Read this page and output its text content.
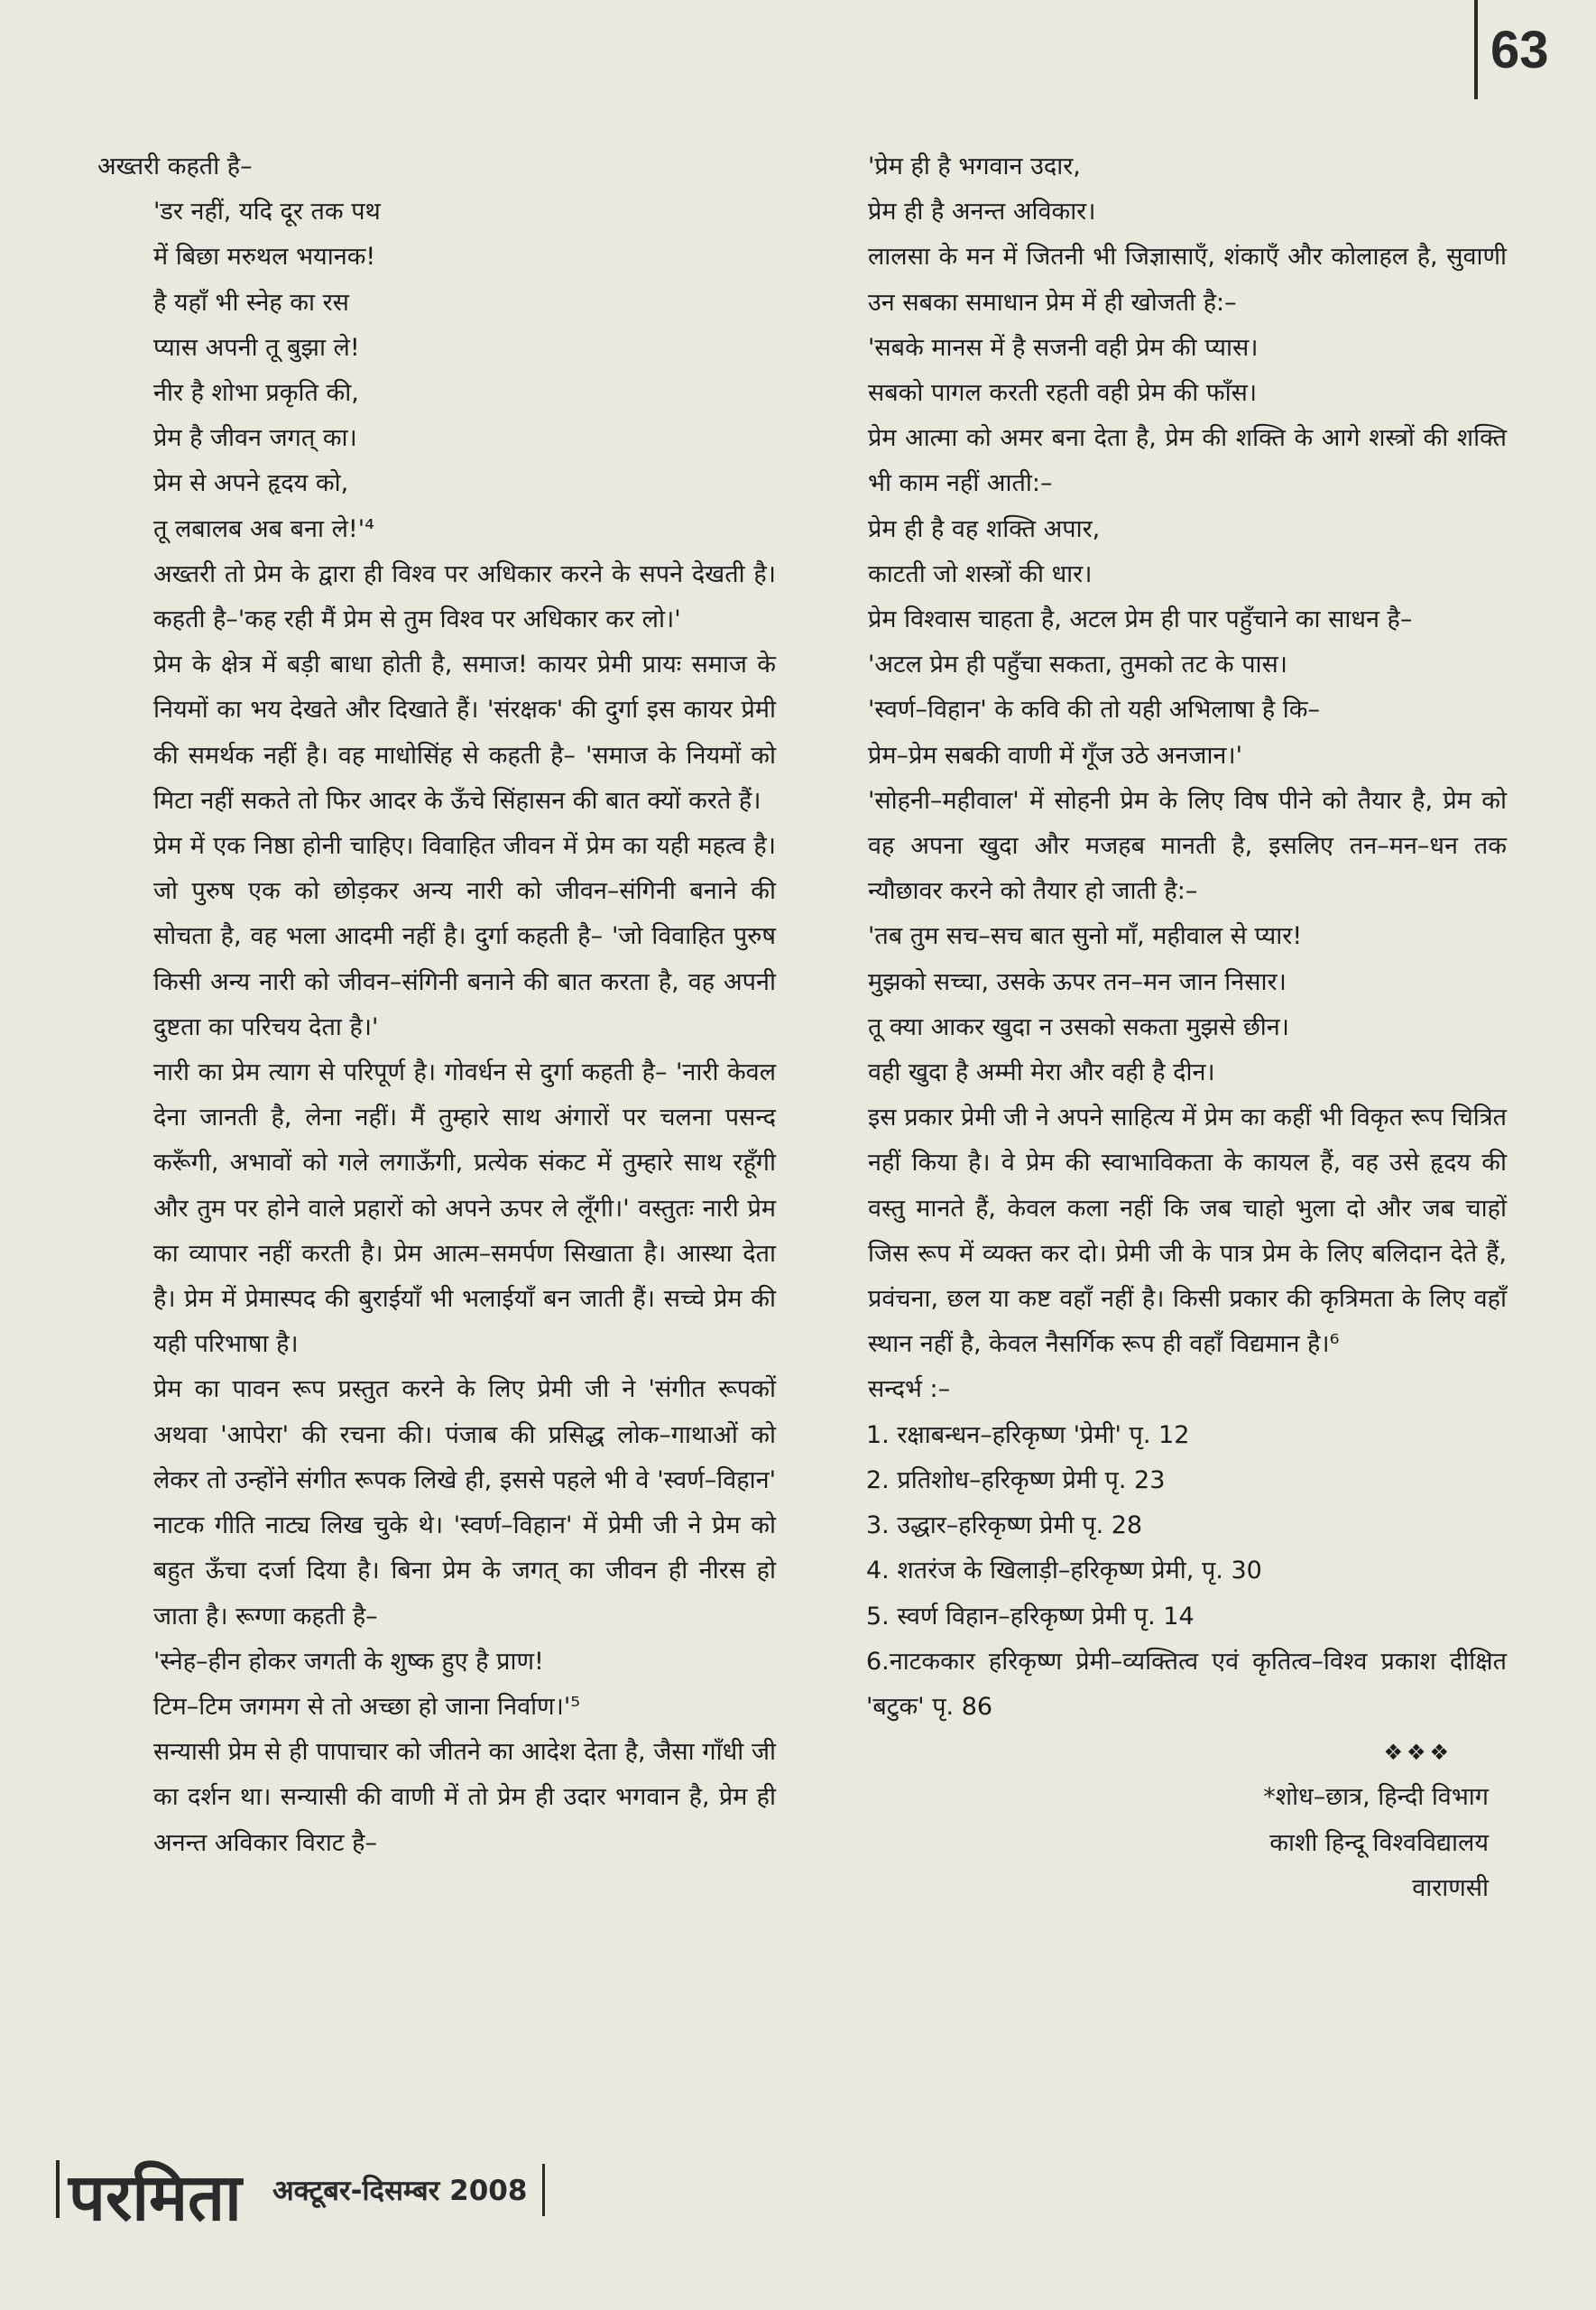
63

अख्तरी कहती है–

'डर नहीं, यदि दूर तक पथ

में बिछा मरुथल भयानक!

है यहाँ भी स्नेह का रस

प्यास अपनी तू बुझा ले!

नीर है शोभा प्रकृति की,

प्रेम है जीवन जगत् का।

प्रेम से अपने हृदय को,

तू लबालब अब बना ले!'⁴

अख्तरी तो प्रेम के द्वारा ही विश्व पर अधिकार करने के सपने देखती है। कहती है–'कह रही मैं प्रेम से तुम विश्व पर अधिकार कर लो।'

प्रेम के क्षेत्र में बड़ी बाधा होती है, समाज! कायर प्रेमी प्रायः समाज के नियमों का भय देखते और दिखाते हैं। 'संरक्षक' की दुर्गा इस कायर प्रेमी की समर्थक नहीं है। वह माधोसिंह से कहती है– 'समाज के नियमों को मिटा नहीं सकते तो फिर आदर के ऊँचे सिंहासन की बात क्यों करते हैं।

प्रेम में एक निष्ठा होनी चाहिए। विवाहित जीवन में प्रेम का यही महत्व है। जो पुरुष एक को छोड़कर अन्य नारी को जीवन–संगिनी बनाने की सोचता है, वह भला आदमी नहीं है। दुर्गा कहती है– 'जो विवाहित पुरुष किसी अन्य नारी को जीवन–संगिनी बनाने की बात करता है, वह अपनी दुष्टता का परिचय देता है।'

नारी का प्रेम त्याग से परिपूर्ण है। गोवर्धन से दुर्गा कहती है– 'नारी केवल देना जानती है, लेना नहीं। मैं तुम्हारे साथ अंगारों पर चलना पसन्द करूँगी, अभावों को गले लगाऊँगी, प्रत्येक संकट में तुम्हारे साथ रहूँगी और तुम पर होने वाले प्रहारों को अपने ऊपर ले लूँगी।' वस्तुतः नारी प्रेम का व्यापार नहीं करती है। प्रेम आत्म–समर्पण सिखाता है। आस्था देता है। प्रेम में प्रेमास्पद की बुराईयाँ भी भलाईयाँ बन जाती हैं। सच्चे प्रेम की यही परिभाषा है।

प्रेम का पावन रूप प्रस्तुत करने के लिए प्रेमी जी ने 'संगीत रूपकों अथवा 'आपेरा' की रचना की। पंजाब की प्रसिद्ध लोक–गाथाओं को लेकर तो उन्होंने संगीत रूपक लिखे ही, इससे पहले भी वे 'स्वर्ण–विहान' नाटक गीति नाट्य लिख चुके थे। 'स्वर्ण–विहान' में प्रेमी जी ने प्रेम को बहुत ऊँचा दर्जा दिया है। बिना प्रेम के जगत् का जीवन ही नीरस हो जाता है। रूग्णा कहती है–

'स्नेह–हीन होकर जगती के शुष्क हुए है प्राण!

टिम–टिम जगमग से तो अच्छा हो जाना निर्वाण।'⁵

सन्यासी प्रेम से ही पापाचार को जीतने का आदेश देता है, जैसा गाँधी जी का दर्शन था। सन्यासी की वाणी में तो प्रेम ही उदार भगवान है, प्रेम ही अनन्त अविकार विराट है–

'प्रेम ही है भगवान उदार,

प्रेम ही है अनन्त अविकार।

लालसा के मन में जितनी भी जिज्ञासाएँ, शंकाएँ और कोलाहल है, सुवाणी उन सबका समाधान प्रेम में ही खोजती है:–

'सबके मानस में है सजनी वही प्रेम की प्यास।

सबको पागल करती रहती वही प्रेम की फाँस।

प्रेम आत्मा को अमर बना देता है, प्रेम की शक्ति के आगे शस्त्रों की शक्ति भी काम नहीं आती:–

प्रेम ही है वह शक्ति अपार,

काटती जो शस्त्रों की धार।

प्रेम विश्वास चाहता है, अटल प्रेम ही पार पहुँचाने का साधन है–

'अटल प्रेम ही पहुँचा सकता, तुमको तट के पास।

'स्वर्ण–विहान' के कवि की तो यही अभिलाषा है कि–

प्रेम–प्रेम सबकी वाणी में गूँज उठे अनजान।'

'सोहनी–महीवाल' में सोहनी प्रेम के लिए विष पीने को तैयार है, प्रेम को वह अपना खुदा और मजहब मानती है, इसलिए तन–मन–धन तक न्यौछावर करने को तैयार हो जाती है:–

'तब तुम सच–सच बात सुनो माँ, महीवाल से प्यार!

मुझको सच्चा, उसके ऊपर तन–मन जान निसार।

तू क्या आकर खुदा न उसको सकता मुझसे छीन।

वही खुदा है अम्मी मेरा और वही है दीन।

इस प्रकार प्रेमी जी ने अपने साहित्य में प्रेम का कहीं भी विकृत रूप चित्रित नहीं किया है। वे प्रेम की स्वाभाविकता के कायल हैं, वह उसे हृदय की वस्तु मानते हैं, केवल कला नहीं कि जब चाहो भुला दो और जब चाहों जिस रूप में व्यक्त कर दो। प्रेमी जी के पात्र प्रेम के लिए बलिदान देते हैं, प्रवंचना, छल या कष्ट वहाँ नहीं है। किसी प्रकार की कृत्रिमता के लिए वहाँ स्थान नहीं है, केवल नैसर्गिक रूप ही वहाँ विद्यमान है।⁶

सन्दर्भ :–

1. रक्षाबन्धन–हरिकृष्ण 'प्रेमी' पृ. 12
2. प्रतिशोध–हरिकृष्ण प्रेमी पृ. 23
3. उद्धार–हरिकृष्ण प्रेमी पृ. 28
4. शतरंज के खिलाड़ी–हरिकृष्ण प्रेमी, पृ. 30
5. स्वर्ण विहान–हरिकृष्ण प्रेमी पृ. 14
6.नाटककार हरिकृष्ण प्रेमी–व्यक्तित्व एवं कृतित्व–विश्व प्रकाश दीक्षित 'बटुक' पृ. 86

❖❖❖

*शोध–छात्र, हिन्दी विभाग

काशी हिन्दू विश्वविद्यालय

वाराणसी

परमिता अक्टूबर-दिसम्बर 2008
